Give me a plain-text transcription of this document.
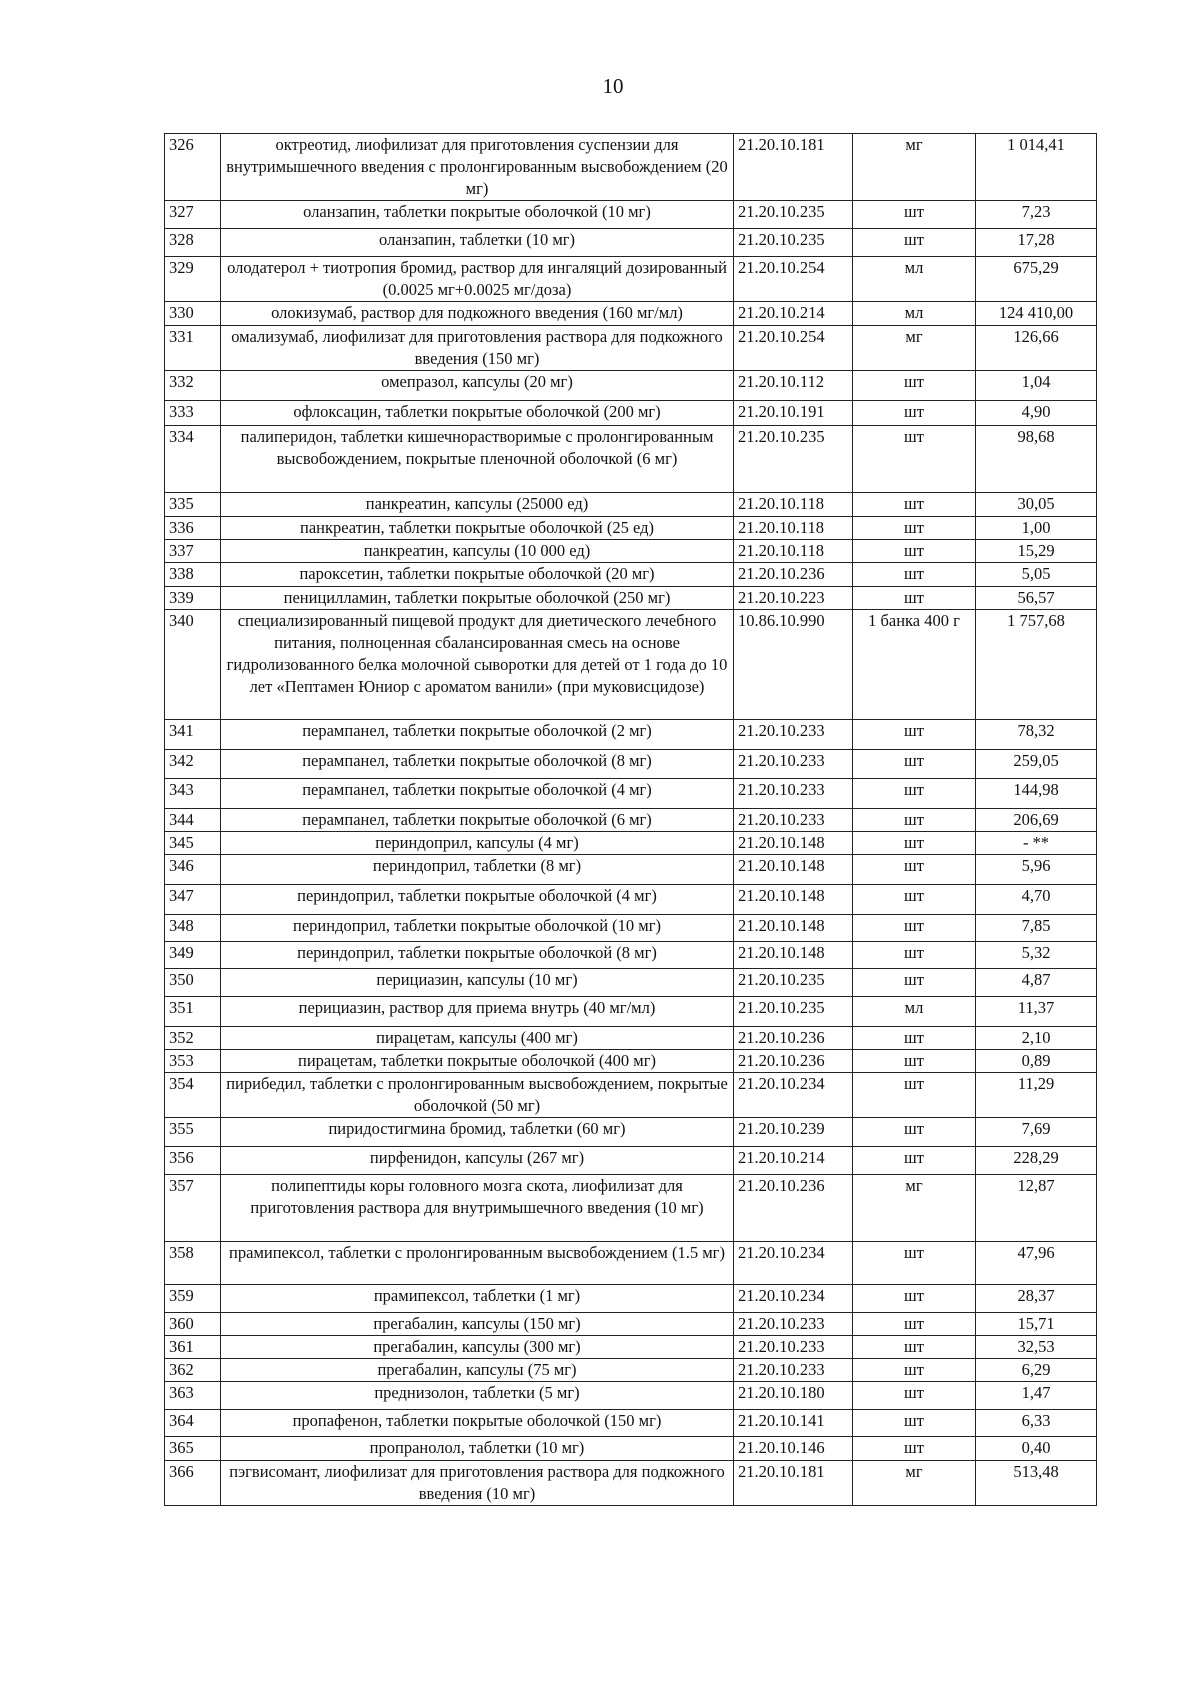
10
326	октреотид, лиофилизат для приготовления суспензии для внутримышечного введения с пролонгированным высвобождением (20 мг)	21.20.10.181	мг	1 014,41
327	оланзапин, таблетки покрытые оболочкой (10 мг)	21.20.10.235	шт	7,23
328	оланзапин, таблетки (10 мг)	21.20.10.235	шт	17,28
329	олодатерол + тиотропия бромид, раствор для ингаляций дозированный (0.0025 мг+0.0025 мг/доза)	21.20.10.254	мл	675,29
330	олокизумаб, раствор для подкожного введения (160 мг/мл)	21.20.10.214	мл	124 410,00
331	омализумаб, лиофилизат для приготовления раствора для подкожного введения (150 мг)	21.20.10.254	мг	126,66
332	омепразол, капсулы (20 мг)	21.20.10.112	шт	1,04
333	офлоксацин, таблетки покрытые оболочкой (200 мг)	21.20.10.191	шт	4,90
334	палиперидон, таблетки кишечнорастворимые с пролонгированным высвобождением, покрытые пленочной оболочкой (6 мг)	21.20.10.235	шт	98,68
335	панкреатин, капсулы (25000 ед)	21.20.10.118	шт	30,05
336	панкреатин, таблетки покрытые оболочкой (25 ед)	21.20.10.118	шт	1,00
337	панкреатин, капсулы (10 000 ед)	21.20.10.118	шт	15,29
338	пароксетин, таблетки покрытые оболочкой (20 мг)	21.20.10.236	шт	5,05
339	пеницилламин, таблетки покрытые оболочкой (250 мг)	21.20.10.223	шт	56,57
340	специализированный пищевой продукт для диетического лечебного питания, полноценная сбалансированная смесь на основе гидролизованного белка молочной сыворотки для детей от 1 года до 10 лет «Пептамен Юниор с ароматом ванили» (при муковисцидозе)	10.86.10.990	1 банка 400 г	1 757,68
341	перампанел, таблетки покрытые оболочкой (2 мг)	21.20.10.233	шт	78,32
342	перампанел, таблетки покрытые оболочкой (8 мг)	21.20.10.233	шт	259,05
343	перампанел, таблетки покрытые оболочкой (4 мг)	21.20.10.233	шт	144,98
344	перампанел, таблетки покрытые оболочкой (6 мг)	21.20.10.233	шт	206,69
345	периндоприл, капсулы (4 мг)	21.20.10.148	шт	- **
346	периндоприл, таблетки (8 мг)	21.20.10.148	шт	5,96
347	периндоприл, таблетки покрытые оболочкой (4 мг)	21.20.10.148	шт	4,70
348	периндоприл, таблетки покрытые оболочкой (10 мг)	21.20.10.148	шт	7,85
349	периндоприл, таблетки покрытые оболочкой (8 мг)	21.20.10.148	шт	5,32
350	перициазин, капсулы (10 мг)	21.20.10.235	шт	4,87
351	перициазин, раствор для приема внутрь (40 мг/мл)	21.20.10.235	мл	11,37
352	пирацетам, капсулы (400 мг)	21.20.10.236	шт	2,10
353	пирацетам, таблетки покрытые оболочкой (400 мг)	21.20.10.236	шт	0,89
354	пирибедил, таблетки с пролонгированным высвобождением, покрытые оболочкой (50 мг)	21.20.10.234	шт	11,29
355	пиридостигмина бромид, таблетки (60 мг)	21.20.10.239	шт	7,69
356	пирфенидон, капсулы (267 мг)	21.20.10.214	шт	228,29
357	полипептиды коры головного мозга скота, лиофилизат для приготовления раствора для внутримышечного введения (10 мг)	21.20.10.236	мг	12,87
358	прамипексол, таблетки с пролонгированным высвобождением (1.5 мг)	21.20.10.234	шт	47,96
359	прамипексол, таблетки (1 мг)	21.20.10.234	шт	28,37
360	прегабалин, капсулы (150 мг)	21.20.10.233	шт	15,71
361	прегабалин, капсулы (300 мг)	21.20.10.233	шт	32,53
362	прегабалин, капсулы (75 мг)	21.20.10.233	шт	6,29
363	преднизолон, таблетки (5 мг)	21.20.10.180	шт	1,47
364	пропафенон, таблетки покрытые оболочкой (150 мг)	21.20.10.141	шт	6,33
365	пропранолол, таблетки (10 мг)	21.20.10.146	шт	0,40
366	пэгвисомант, лиофилизат для приготовления раствора для подкожного введения (10 мг)	21.20.10.181	мг	513,48
